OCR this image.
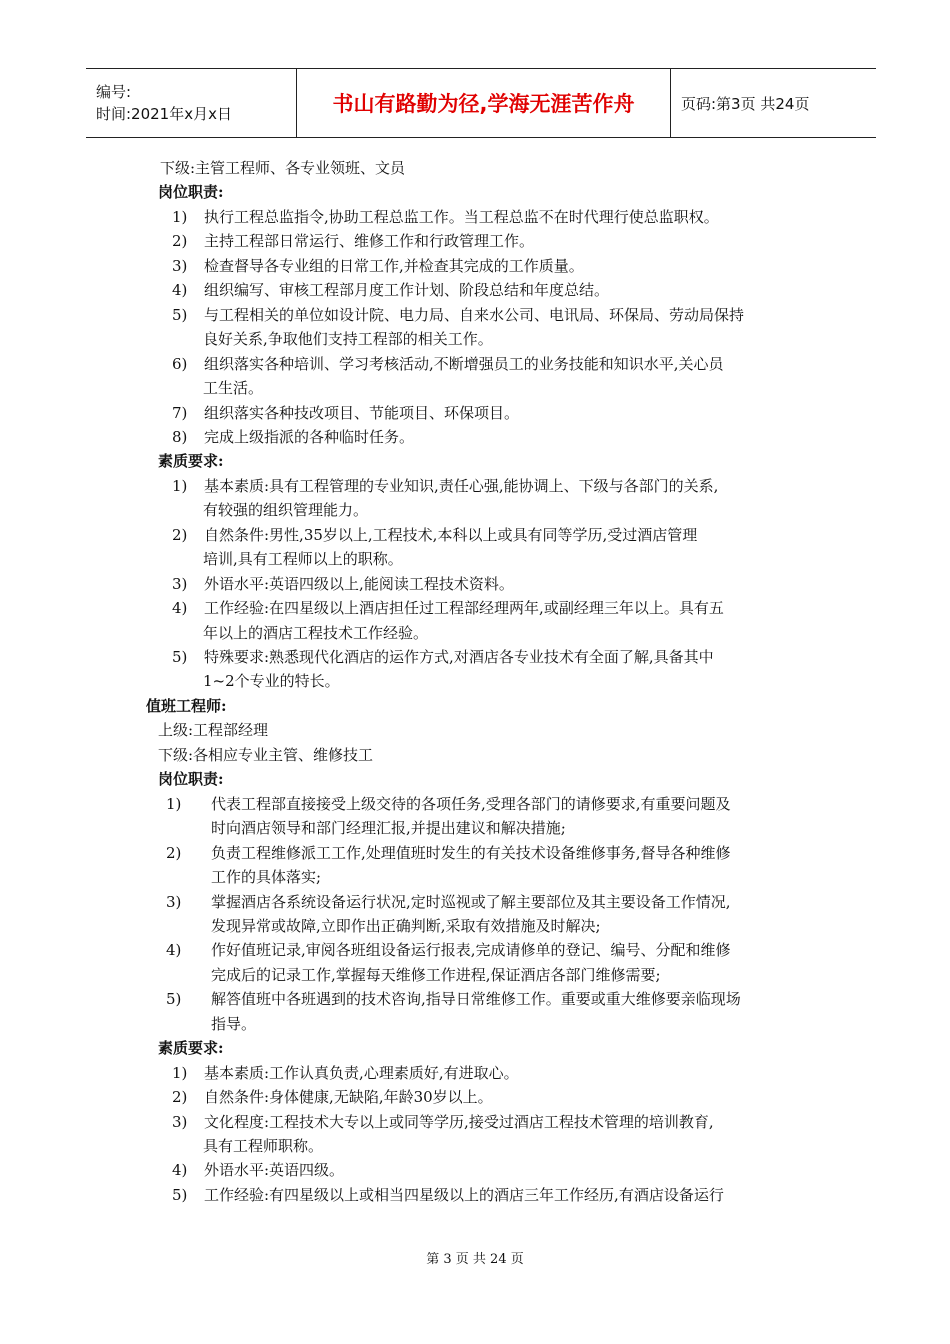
编号:
时间:2021年x月x日	书山有路勤为径,学海无涯苦作舟	页码:第3页 共24页
下级:主管工程师、各专业领班、文员
岗位职责:
1) 执行工程总监指令,协助工程总监工作。当工程总监不在时代理行使总监职权。
2) 主持工程部日常运行、维修工作和行政管理工作。
3) 检查督导各专业组的日常工作,并检查其完成的工作质量。
4) 组织编写、审核工程部月度工作计划、阶段总结和年度总结。
5) 与工程相关的单位如设计院、电力局、自来水公司、电讯局、环保局、劳动局保持
良好关系,争取他们支持工程部的相关工作。
6) 组织落实各种培训、学习考核活动,不断增强员工的业务技能和知识水平,关心员
工生活。
7) 组织落实各种技改项目、节能项目、环保项目。
8) 完成上级指派的各种临时任务。
素质要求:
1) 基本素质:具有工程管理的专业知识,责任心强,能协调上、下级与各部门的关系,
有较强的组织管理能力。
2) 自然条件:男性,35岁以上,工程技术,本科以上或具有同等学历,受过酒店管理
培训,具有工程师以上的职称。
3) 外语水平:英语四级以上,能阅读工程技术资料。
4) 工作经验:在四星级以上酒店担任过工程部经理两年,或副经理三年以上。具有五
年以上的酒店工程技术工作经验。
5) 特殊要求:熟悉现代化酒店的运作方式,对酒店各专业技术有全面了解,具备其中
1~2个专业的特长。
值班工程师:
上级:工程部经理
下级:各相应专业主管、维修技工
岗位职责:
1) 代表工程部直接接受上级交待的各项任务,受理各部门的请修要求,有重要问题及
时向酒店领导和部门经理汇报,并提出建议和解决措施;
2) 负责工程维修派工工作,处理值班时发生的有关技术设备维修事务,督导各种维修
工作的具体落实;
3) 掌握酒店各系统设备运行状况,定时巡视或了解主要部位及其主要设备工作情况,
发现异常或故障,立即作出正确判断,采取有效措施及时解决;
4) 作好值班记录,审阅各班组设备运行报表,完成请修单的登记、编号、分配和维修
完成后的记录工作,掌握每天维修工作进程,保证酒店各部门维修需要;
5) 解答值班中各班遇到的技术咨询,指导日常维修工作。重要或重大维修要亲临现场
指导。
素质要求:
1) 基本素质:工作认真负责,心理素质好,有进取心。
2) 自然条件:身体健康,无缺陷,年龄30岁以上。
3) 文化程度:工程技术大专以上或同等学历,接受过酒店工程技术管理的培训教育,
具有工程师职称。
4) 外语水平:英语四级。
5) 工作经验:有四星级以上或相当四星级以上的酒店三年工作经历,有酒店设备运行
第 3 页 共 24 页
